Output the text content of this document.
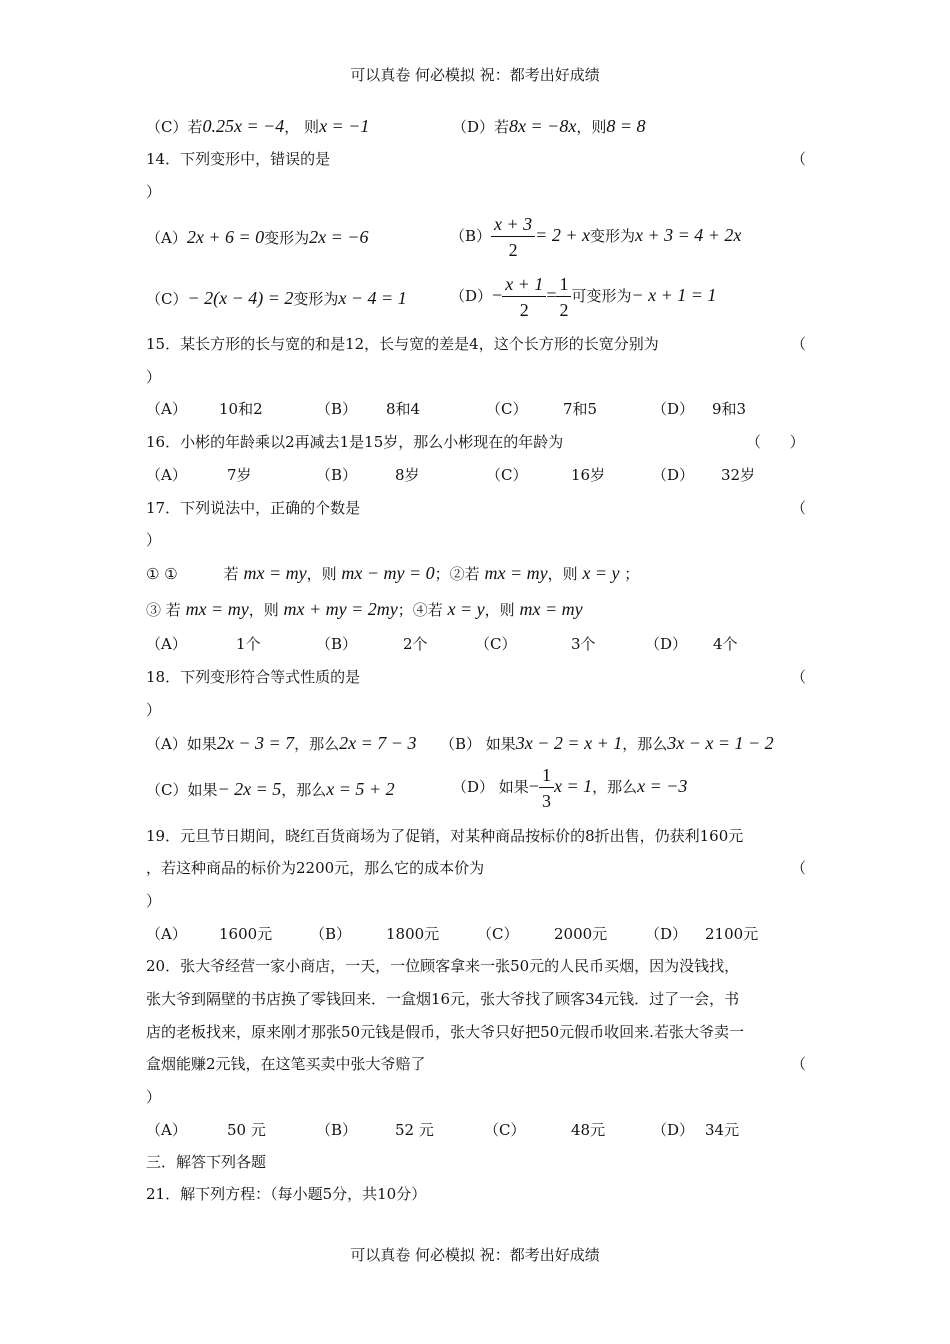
可以真卷 何必模拟 祝：都考出好成绩
（C）若0.25x = −4， 则x = −1	（D）若8x = −8x，则8 = 8
14．下列变形中，错误的是	（
）
（A）2x + 6 = 0变形为2x = −6	$(B) \frac{x + 3}{2} = 2 + x$变形为x + 3 = 4 + 2x
（C）− 2(x − 4) = 2变形为x − 4 = 1	$(D)- \frac{x + 1}{2} = \frac{1}{2}$ 可变形为− x + 1 = 1
15．某长方形的长与宽的和是12，长与宽的差是4，这个长方形的长宽分别为	（
）
（A） 10和2	（B） 8和4	（C） 7和5	（D） 9和3
16．小彬的年龄乘以2再减去1是15岁，那么小彬现在的年龄为	（      ）
（A）	7岁	（B）	8岁	（C）	16岁	（D） 32岁
17．下列说法中，正确的个数是	（
）
① ①	若 mx = my，则 mx − my = 0；②若 mx = my，则 x = y ；
③ 若 mx = my，则 mx + my = 2my；④若 x = y，则 mx = my
（A）	1个	（B）	2个	（C）	3个	（D） 4个
18．下列变形符合等式性质的是	（
）
（A）如果2x − 3 = 7，那么2x = 7 − 3 （B） 如果3x − 2 = x + 1，那么3x − x = 1 − 2
（C）如果− 2x = 5，那么x = 5 + 2	（D） 如果− $\frac{1}{3}$ x = 1，那么x = −3
19．元旦节日期间，晓红百货商场为了促销，对某种商品按标价的8折出售，仍获利160元
，若这种商品的标价为2200元，那么它的成本价为	（
）
（A） 1600元	（B） 1800元	（C） 2000元	（D） 2100元
20．张大爷经营一家小商店，一天，一位顾客拿来一张50元的人民币买烟，因为没钱找，
张大爷到隔壁的书店换了零钱回来．一盒烟16元，张大爷找了顾客34元钱．过了一会，书
店的老板找来，原来刚才那张50元钱是假币，张大爷只好把50元假币收回来.若张大爷卖一
盒烟能赚2元钱，在这笔买卖中张大爷赔了	（
）
（A）	50 元	（B）	52 元	（C）	48元	（D） 34元
三．解答下列各题
21．解下列方程：（每小题5分，共10分）
可以真卷 何必模拟 祝：都考出好成绩
